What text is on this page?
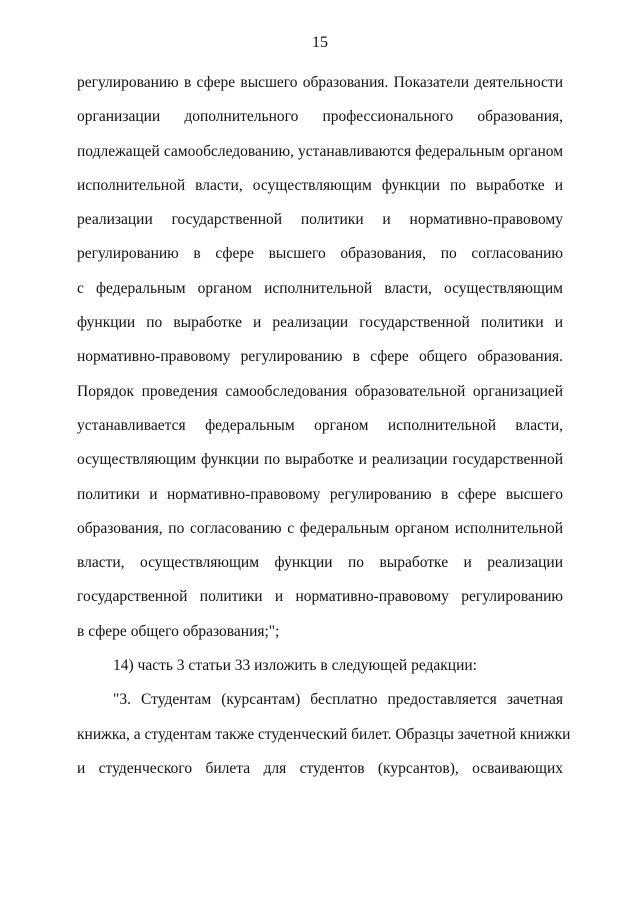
15
регулированию в сфере высшего образования. Показатели деятельности
организации дополнительного профессионального образования,
подлежащей самообследованию, устанавливаются федеральным органом
исполнительной власти, осуществляющим функции по выработке и
реализации государственной политики и нормативно-правовому
регулированию в сфере высшего образования, по согласованию
с федеральным органом исполнительной власти, осуществляющим
функции по выработке и реализации государственной политики и
нормативно-правовому регулированию в сфере общего образования.
Порядок проведения самообследования образовательной организацией
устанавливается федеральным органом исполнительной власти,
осуществляющим функции по выработке и реализации государственной
политики и нормативно-правовому регулированию в сфере высшего
образования, по согласованию с федеральным органом исполнительной
власти, осуществляющим функции по выработке и реализации
государственной политики и нормативно-правовому регулированию
в сфере общего образования;";
14) часть 3 статьи 33 изложить в следующей редакции:
"3. Студентам (курсантам) бесплатно предоставляется зачетная
книжка, а студентам также студенческий билет. Образцы зачетной книжки
и студенческого билета для студентов (курсантов), осваивающих
